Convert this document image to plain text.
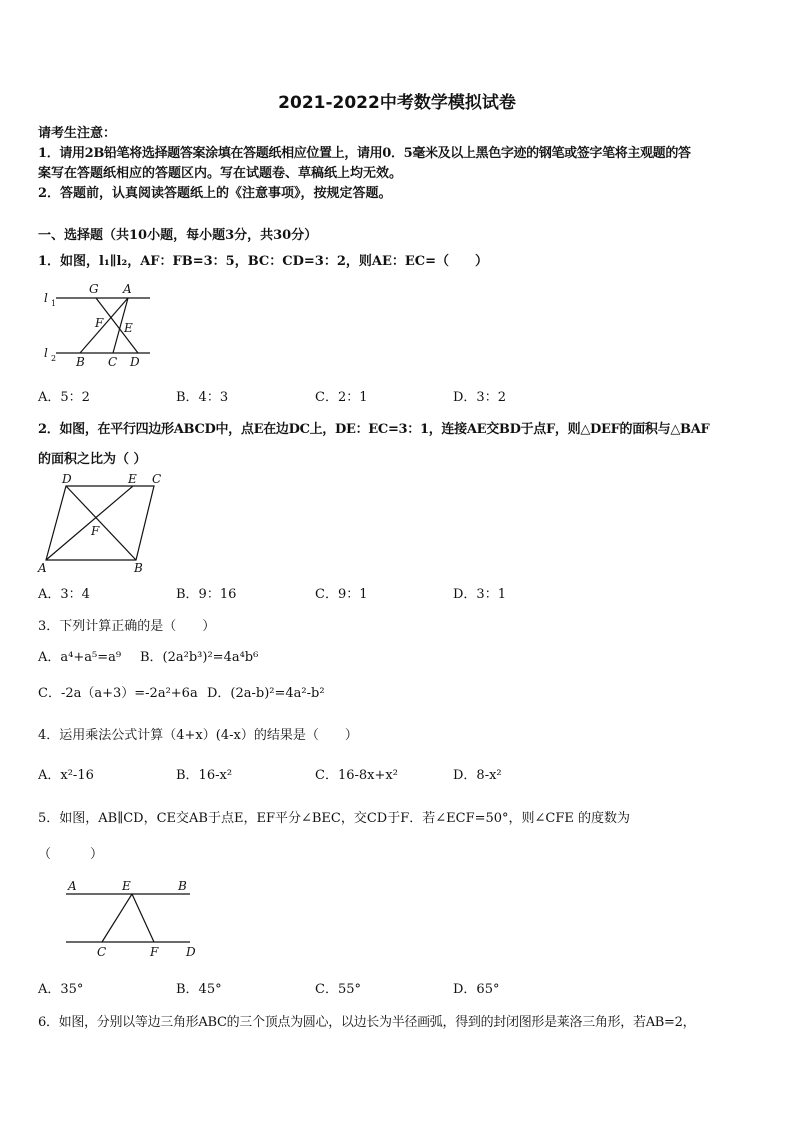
2021-2022中考数学模拟试卷
请考生注意：
1．请用2B铅笔将选择题答案涂填在答题纸相应位置上，请用0．5毫米及以上黑色字迹的钢笔或签字笔将主观题的答
案写在答题纸相应的答题区内。写在试题卷、草稿纸上均无效。
2．答题前，认真阅读答题纸上的《注意事项》，按规定答题。
一、选择题（共10小题，每小题3分，共30分）
1．如图，l₁∥l₂，AF：FB=3：5，BC：CD=3：2，则AE：EC=（　　）
l 1
l 2
G A
F E
B C D
A．5：2	B．4：3	C．2：1	D．3：2
2．如图，在平行四边形ABCD中，点E在边DC上，DE：EC=3：1，连接AE交BD于点F，则△DEF的面积与△BAF
的面积之比为（ ）
D	E C
F
A	B
A．3：4	B．9：16	C．9：1	D．3：1
3．下列计算正确的是（　　）
A．a⁴+a⁵=a⁹ B．(2a²b³)²=4a⁴b⁶
C．-2a（a+3）=-2a²+6a D．(2a-b)²=4a²-b²
4．运用乘法公式计算（4+x）(4-x）的结果是（　　）
A．x²-16	B．16-x²	C．16-8x+x²	D．8-x²
5．如图，AB∥CD，CE交AB于点E，EF平分∠BEC，交CD于F．若∠ECF=50°，则∠CFE 的度数为
（　　　）
A	E	B
C	F D
A．35°	B．45°	C．55°	D．65°
6．如图，分别以等边三角形ABC的三个顶点为圆心，以边长为半径画弧，得到的封闭图形是莱洛三角形，若AB=2，
